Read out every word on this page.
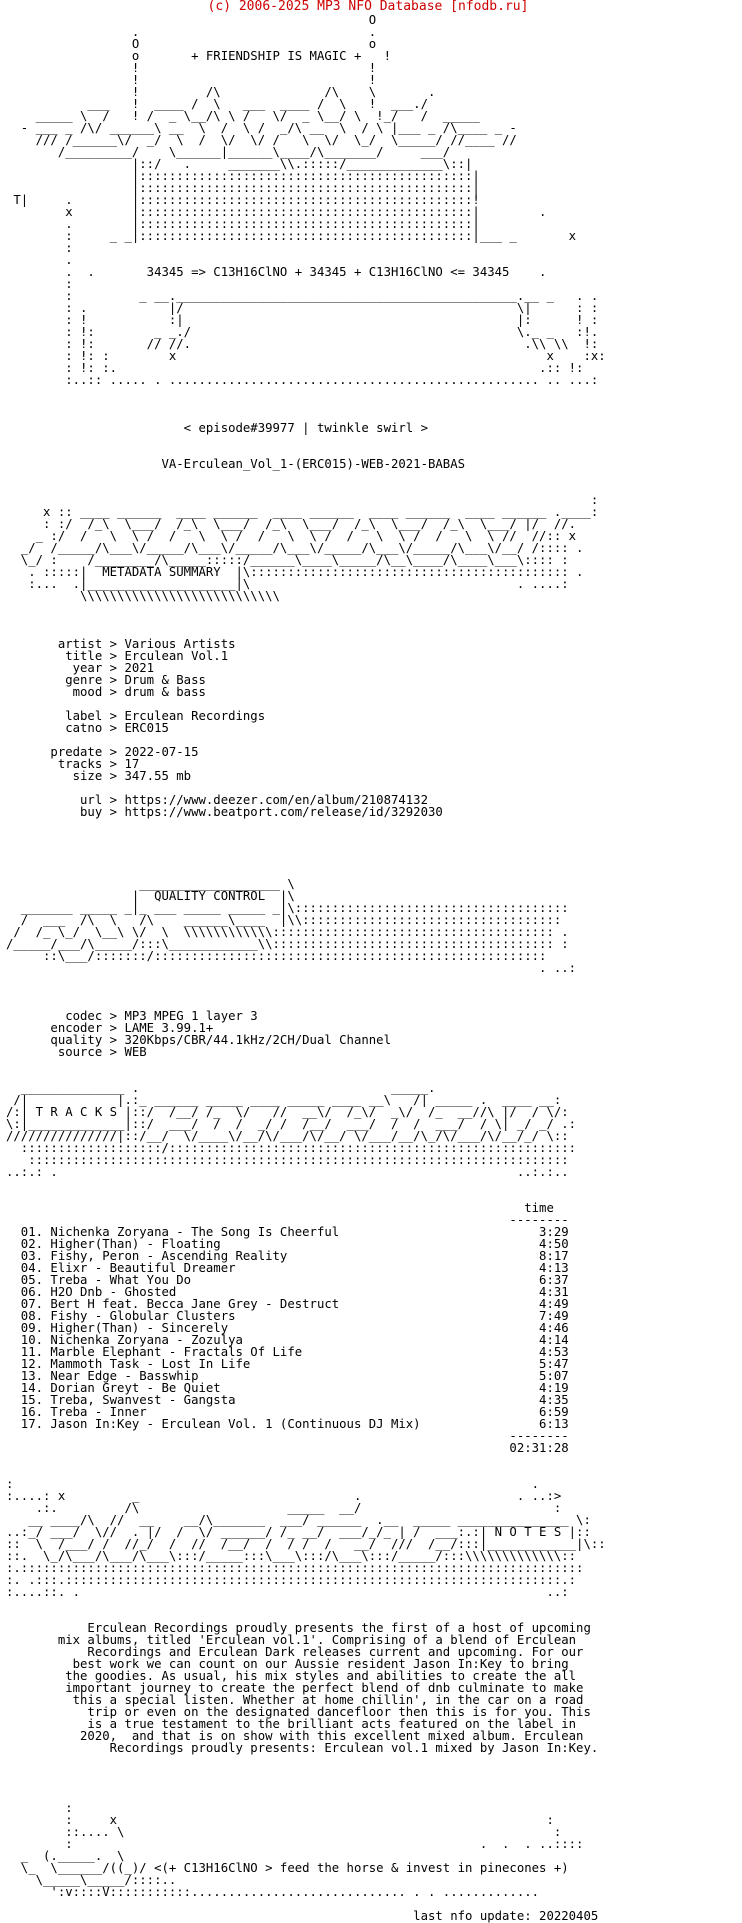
(c) 2006-2025 MP3 NFO Database [nfodb.ru]
O
.                               .
O                               o
o       + FRIENDSHIP IS MAGIC +   !
!                               !
!                               !
!         /\              /\    \       .
___   !  ____ /  \   ___  ____ /  \   !  ___./
_____ \  /   ! /  _ \__/\ \ /   \/  _ \__/ \  !_/   /  _____
- ___ _ /\/ ______\ __  \  /  \ /  _/\ __  \  / \ |___ _ /\____ _ -
/// /______\/  _/  \  /  \/  \/ /   \  \/  \_/  \_____/ //____ //
/_________/    \______|______\____/\_______/     ___/
|::/   .     _______\\.:::::/_____________\::|
|:::::::::::::::::::::::::::::::::::::::::::::|
|:::::::::::::::::::::::::::::::::::::::::::::|
T|     .        |:::::::::::::::::::::::::::::::::::::::::::::!
x        |:::::::::::::::::::::::::::::::::::::::::::::|        .
.        |:::::::::::::::::::::::::::::::::::::::::::::|
:     _ _|:::::::::::::::::::::::::::::::::::::::::::::|___ _       x
:
.
.  .       34345 => C13H16ClNO + 34345 + C13H16ClNO <= 34345    .
:
:         _ __.______________________________________________.__ _   . .
: .           |/                                             \|      : :
: !           :|                                             |:      ! :
: !:        _ _./                                            \._ _   :!.
: !:       // //.                                             .\\ \\  !:
: !: :        x                                                  x    :x:
: !: :.                                                         .:: !:
:..:: ..... . .................................................. .. ...:

< episode#39977 | twinkle swirl >

VA-Erculean_Vol_1-(ERC015)-WEB-2021-BABAS

:
x :: ____ ______  ____ ______  ____ ______  ____ ______  ____ ______ .____:
: :/  /_\  \___/  /_\  \___/  /_\  \___/  /_\  \___/  /_\  \___/ |/  //.
_ :/  /   \  \ /  /   \  \ /  /   \  \ /  /   \  \ /  /   \  \ //  //:: x
_/  /_____/\___\/_____/\___\/_____/\___\/_____/\___\/_____/\___\/__/ /:::: .
\_/ :    /________/\_____:::::/______\____\_____/\__\____/\____\___\:::: :
. :::::|  METADATA SUMMARY  |\::::::::::::::::::::::::::::::::::::::::::: .
:...  .|____________________|\                                    . ....:
\\\\\\\\\\\\\\\\\\\\\\\\\\\

artist > Various Artists
title > Erculean Vol.1
year > 2021
genre > Drum & Bass
mood > drum & bass

label > Erculean Recordings
catno > ERC015

predate > 2022-07-15
tracks > 17
size > 347.55 mb

url > https://www.deezer.com/en/album/210874132
buy > https://www.beatport.com/release/id/3292030

___________________ \
|  QUALITY CONTROL  |\
_______ _____ _|_ ___ _____ _____ _|\:::::::::::::::::::::::::::::::::::::
/  ___  /\  \   /\    ______\____  |\\:::::::::::::::::::::::::::::::::::
/  /_ \_/  \__\ \/  \  \\\\\\\\\\\\:::::::::::::::::::::::::::::::::::::: .
/_____/___/\_____/:::\____________\\:::::::::::::::::::::::::::::::::::::: :
::\___/:::::::/:::::::::::::::::::::::::::::::::::::::::::::::::::::
. ..:

codec > MP3 MPEG 1 layer 3
encoder > LAME 3.99.1+
quality > 320Kbps/CBR/44.1kHz/2CH/Dual Channel
source > WEB

______________ .                                  _____.
/|            |.:_ ______ _____ ____ _____ ____ __\   /| _____ .  ____ __:
/:| T R A C K S |::/  /__/ /_  \/   //  __\/  /_\/  _\/  /_  __//\ |/  / \/:
\:|_____________|::/  ___/  /  /  _/ /  /__/  ___/  /  /  ___/  / \| _/ _/ .:
///////////////|::/__/  \/____\/__/\/___/\/__/ \/___/__/\_/\/___/\/__/_/ \::
:::::::::::::::::::/:::::::::::::::::::::::::::::::::::::::::::::::::::::::
:::::::::::::::::::::::::::::::::::::::::::::::::::::::::::::::::::::::::
..:.: .                                                              ..:.:..

time
--------
01. Nichenka Zoryana - The Song Is Cheerful                           3:29
02. Higher(Than) - Floating                                           4:50
03. Fishy, Peron - Ascending Reality                                  8:17
04. Elixr - Beautiful Dreamer                                         4:13
05. Treba - What You Do                                               6:37
06. H2O Dnb - Ghosted                                                 4:31
07. Bert H feat. Becca Jane Grey - Destruct                           4:49
08. Fishy - Globular Clusters                                         7:49
09. Higher(Than) - Sincerely                                          4:46
10. Nichenka Zoryana - Zozulya                                        4:14
11. Marble Elephant - Fractals Of Life                                4:53
12. Mammoth Task - Lost In Life                                       5:47
13. Near Edge - Basswhip                                              5:07
14. Dorian Greyt - Be Quiet                                           4:19
15. Treba, Swanvest - Gangsta                                         4:35
16. Treba - Inner                                                     6:59
17. Jason In:Key - Erculean Vol. 1 (Continuous DJ Mix)                6:13
--------
02:31:28

:                                                                      .
:....: x         _                             .                     . ..:>
.:.         /\                    _____  __/                          :
__ ____/\  //  __    __/\_______  ___/ ______  .__  _____ _______________ \:
..:_/ ___/  \//  . |/  /  \/ ______/ /_ __/  ___/_/_ | /  ___:.:| N O T E S |::
::  \  /___/ /  //_/  /  //  /__/  /  / /  /   __/  ///  /__/:::|____________|\::
::.  \_/\___/\___/\___\:::/_____:::\___\:::/\___\:::/_____/:::\\\\\\\\\\\\\::
:.::::::::::::::::::::::::::::::::::::::::::::::::::::::::::::::::::::::::::::
:. .:::.:::::::::::::::::::::::::::::::::::::::::::::::::::::::::::::::::::.:
:....::. .                                                               ..:

Erculean Recordings proudly presents the first of a host of upcoming
mix albums, titled 'Erculean vol.1'. Comprising of a blend of Erculean
Recordings and Erculean Dark releases current and upcoming. For our
best work we can count on our Aussie resident Jason In:Key to bring
the goodies. As usual, his mix styles and abilities to create the all
important journey to create the perfect blend of dnb culminate to make
this a special listen. Whether at home chillin', in the car on a road
trip or even on the designated dancefloor then this is for you. This
is a true testament to the brilliant acts featured on the label in
2020,  and that is on show with this excellent mixed album. Erculean
Recordings proudly presents: Erculean vol.1 mixed by Jason In:Key.

:
:     x                                                          :
::.... \                                                          :
:                                                       .  .  . ..::::
_  (._____.  \
\_  \______/((_)/ <(+ C13H16ClNO > feed the horse & invest in pinecones +)
\_____\_____/::::..
':v::::V:::::::::::............................. . . .............

last nfo update: 20220405
